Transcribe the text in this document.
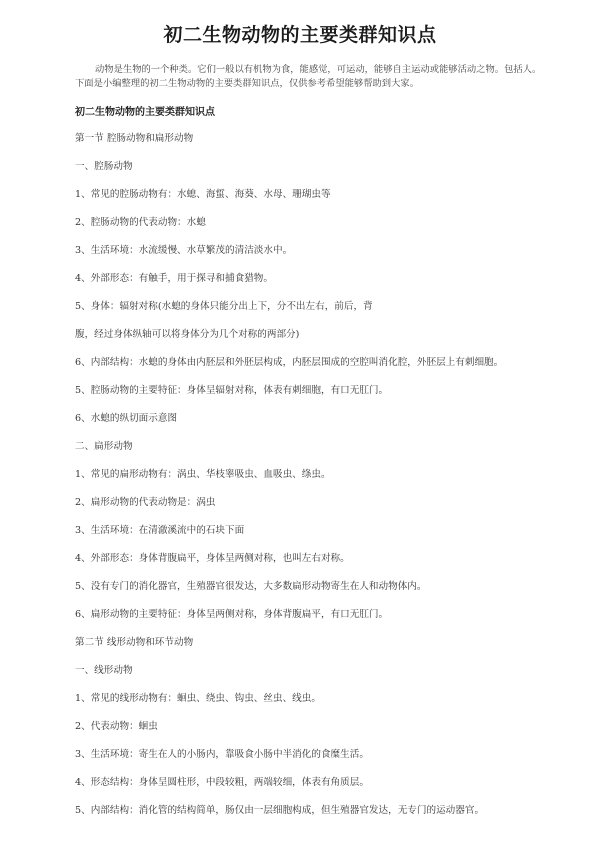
初二生物动物的主要类群知识点
动物是生物的一个种类。它们一般以有机物为食，能感觉，可运动，能够自主运动或能够活动之物。包括人。下面是小编整理的初二生物动物的主要类群知识点，仅供参考希望能够帮助到大家。
初二生物动物的主要类群知识点
第一节 腔肠动物和扁形动物
一、腔肠动物
1、常见的腔肠动物有：水螅、海蜇、海葵、水母、珊瑚虫等
2、腔肠动物的代表动物：水螅
3、生活环境：水流缓慢、水草繁茂的清洁淡水中。
4、外部形态：有触手，用于探寻和捕食猎物。
5、身体：辐射对称(水螅的身体只能分出上下，分不出左右，前后，背
腹，经过身体纵轴可以将身体分为几个对称的两部分)
6、内部结构：水螅的身体由内胚层和外胚层构成，内胚层围成的空腔叫消化腔，外胚层上有刺细胞。
5、腔肠动物的主要特征：身体呈辐射对称，体表有刺细胞，有口无肛门。
6、水螅的纵切面示意图
二、扁形动物
1、常见的扁形动物有：涡虫、华枝睾吸虫、血吸虫、绦虫。
2、扁形动物的代表动物是：涡虫
3、生活环境：在清澈溪流中的石块下面
4、外部形态：身体背腹扁平，身体呈两侧对称，也叫左右对称。
5、没有专门的消化器官，生殖器官很发达，大多数扁形动物寄生在人和动物体内。
6、扁形动物的主要特征：身体呈两侧对称，身体背腹扁平，有口无肛门。
第二节 线形动物和环节动物
一、线形动物
1、常见的线形动物有：蛔虫、绕虫、钩虫、丝虫、线虫。
2、代表动物：蛔虫
3、生活环境：寄生在人的小肠内，靠吸食小肠中半消化的食糜生活。
4、形态结构：身体呈圆柱形，中段较粗，两端较细，体表有角质层。
5、内部结构：消化管的结构简单，肠仅由一层细胞构成，但生殖器官发达，无专门的运动器官。
